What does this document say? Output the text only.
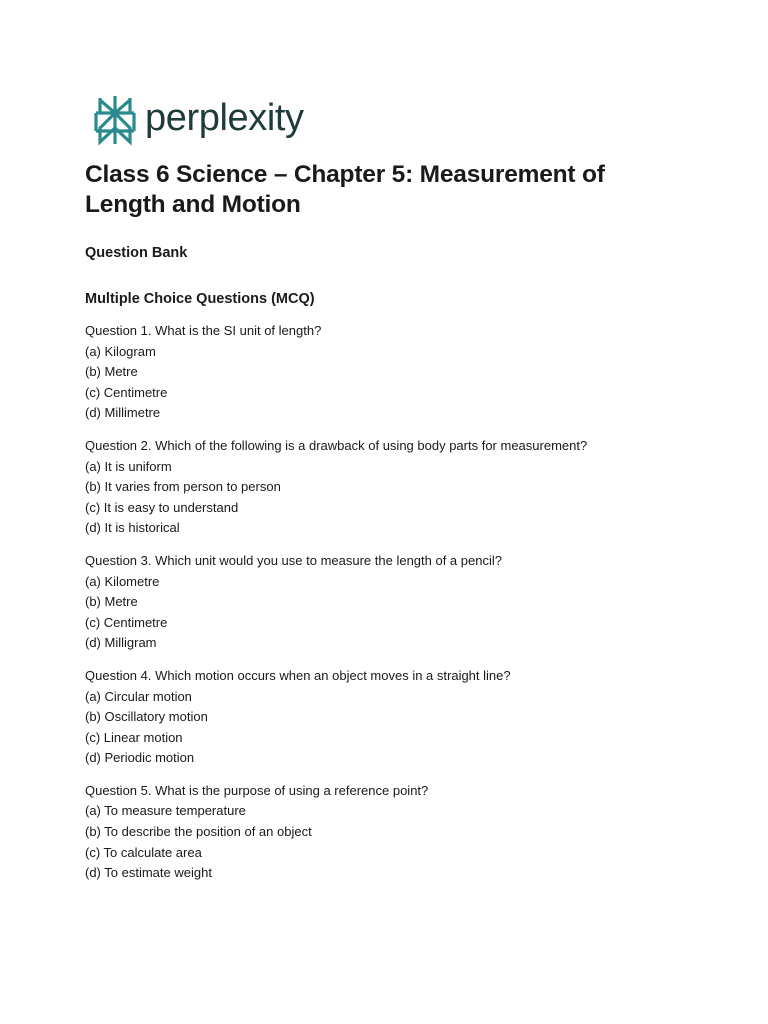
perplexity
Class 6 Science – Chapter 5: Measurement of Length and Motion
Question Bank
Multiple Choice Questions (MCQ)
Question 1. What is the SI unit of length?
(a) Kilogram
(b) Metre
(c) Centimetre
(d) Millimetre
Question 2. Which of the following is a drawback of using body parts for measurement?
(a) It is uniform
(b) It varies from person to person
(c) It is easy to understand
(d) It is historical
Question 3. Which unit would you use to measure the length of a pencil?
(a) Kilometre
(b) Metre
(c) Centimetre
(d) Milligram
Question 4. Which motion occurs when an object moves in a straight line?
(a) Circular motion
(b) Oscillatory motion
(c) Linear motion
(d) Periodic motion
Question 5. What is the purpose of using a reference point?
(a) To measure temperature
(b) To describe the position of an object
(c) To calculate area
(d) To estimate weight
